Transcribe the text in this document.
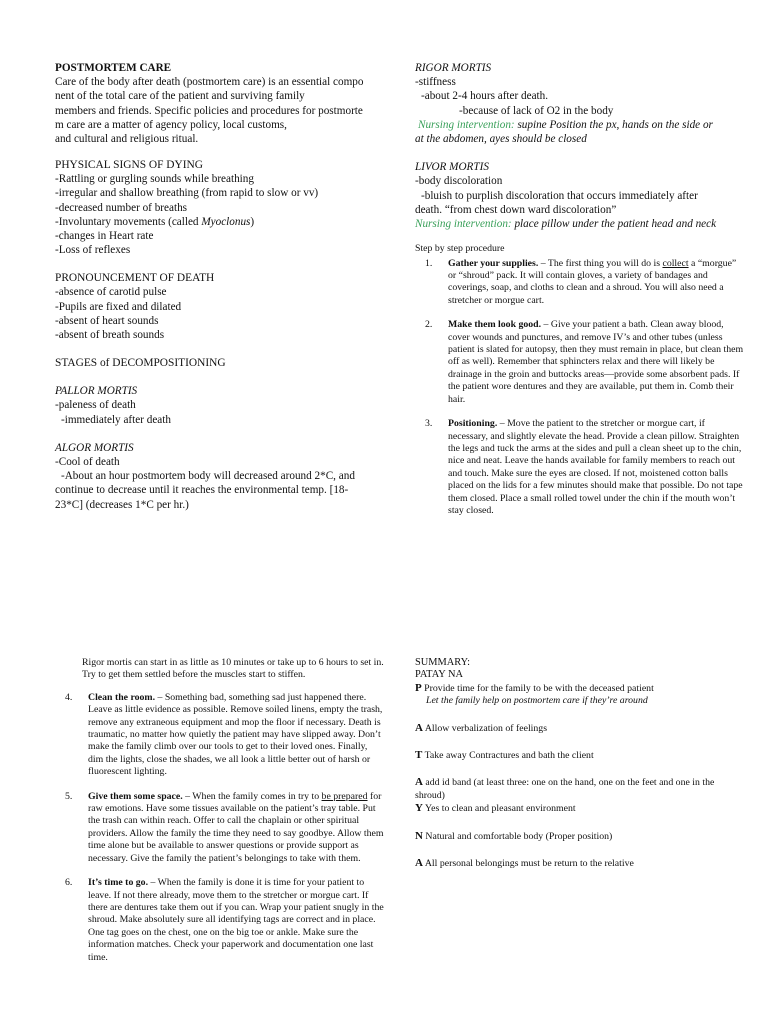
POSTMORTEM CARE
Care of the body after death (postmortem care) is an essential compo
nent of the total care of the patient and surviving family
members and friends. Specific policies and procedures for postmorte
m care are a matter of agency policy, local customs,
and cultural and religious ritual.
PHYSICAL SIGNS OF DYING
-Rattling or gurgling sounds while breathing
-irregular and shallow breathing (from rapid to slow or vv)
-decreased number of breaths
-Involuntary movements (called Myoclonus)
-changes in Heart rate
-Loss of reflexes
PRONOUNCEMENT OF DEATH
-absence of carotid pulse
-Pupils are fixed and dilated
-absent of heart sounds
-absent of breath sounds
STAGES of DECOMPOSITIONING
PALLOR MORTIS
-paleness of death
-immediately after death
ALGOR MORTIS
-Cool of death
-About an hour postmortem body will decreased around 2*C, and
continue to decrease until it reaches the environmental temp. [18-
23*C] (decreases 1*C per hr.)
RIGOR MORTIS
-stiffness
-about 2-4 hours after death.
-because of lack of O2 in the body
Nursing intervention: supine Position the px, hands on the side or
at the abdomen, ayes should be closed
LIVOR MORTIS
-body discoloration
-bluish to purplish discoloration that occurs immediately after
death. “from chest down ward discoloration”
Nursing intervention: place pillow under the patient head and neck
Step by step procedure
1. Gather your supplies. – The first thing you will do is collect a “morgue” or “shroud” pack. It will contain gloves, a variety of bandages and coverings, soap, and cloths to clean and a shroud. You will also need a stretcher or morgue cart.

2. Make them look good. – Give your patient a bath. Clean away blood, cover wounds and punctures, and remove IV’s and other tubes (unless patient is slated for autopsy, then they must remain in place, but clean them off as well). Remember that sphincters relax and there will likely be drainage in the groin and buttocks areas—provide some absorbent pads. If the patient wore dentures and they are available, put them in. Comb their hair.

3. Positioning. – Move the patient to the stretcher or morgue cart, if necessary, and slightly elevate the head. Provide a clean pillow. Straighten the legs and tuck the arms at the sides and pull a clean sheet up to the chin, nice and neat. Leave the hands available for family members to reach out and touch. Make sure the eyes are closed. If not, moistened cotton balls placed on the lids for a few minutes should make that possible. Do not tape them closed. Place a small rolled towel under the chin if the mouth won’t stay closed.

Rigor mortis can start in as little as 10 minutes or take up to 6 hours to set in. Try to get them settled before the muscles start to stiffen.
4. Clean the room. – Something bad, something sad just happened there. Leave as little evidence as possible. Remove soiled linens, empty the trash, remove any extraneous equipment and mop the floor if necessary. Death is traumatic, no matter how quietly the patient may have slipped away. Don’t make the family climb over our tools to get to their loved ones. Finally, dim the lights, close the shades, we all look a little better out of harsh or fluorescent lighting.

5. Give them some space. – When the family comes in try to be prepared for raw emotions. Have some tissues available on the patient’s tray table. Put the trash can within reach. Offer to call the chaplain or other spiritual providers. Allow the family the time they need to say goodbye. Allow them time alone but be available to answer questions or provide support as necessary. Give the family the patient’s belongings to take with them.

6. It’s time to go. – When the family is done it is time for your patient to leave. If not there already, move them to the stretcher or morgue cart. If there are dentures take them out if you can. Wrap your patient snugly in the shroud. Make absolutely sure all identifying tags are correct and in place. One tag goes on the chest, one on the big toe or ankle. Make sure the information matches. Check your paperwork and documentation one last time.

SUMMARY:
PATAY NA
P Provide time for the family to be with the deceased patient
Let the family help on postmortem care if they’re around
A Allow verbalization of feelings
T Take away Contractures and bath the client
A add id band (at least three: one on the hand, one on the feet and one in the shroud)
Y Yes to clean and pleasant environment
N Natural and comfortable body (Proper position)
A All personal belongings must be return to the relative
